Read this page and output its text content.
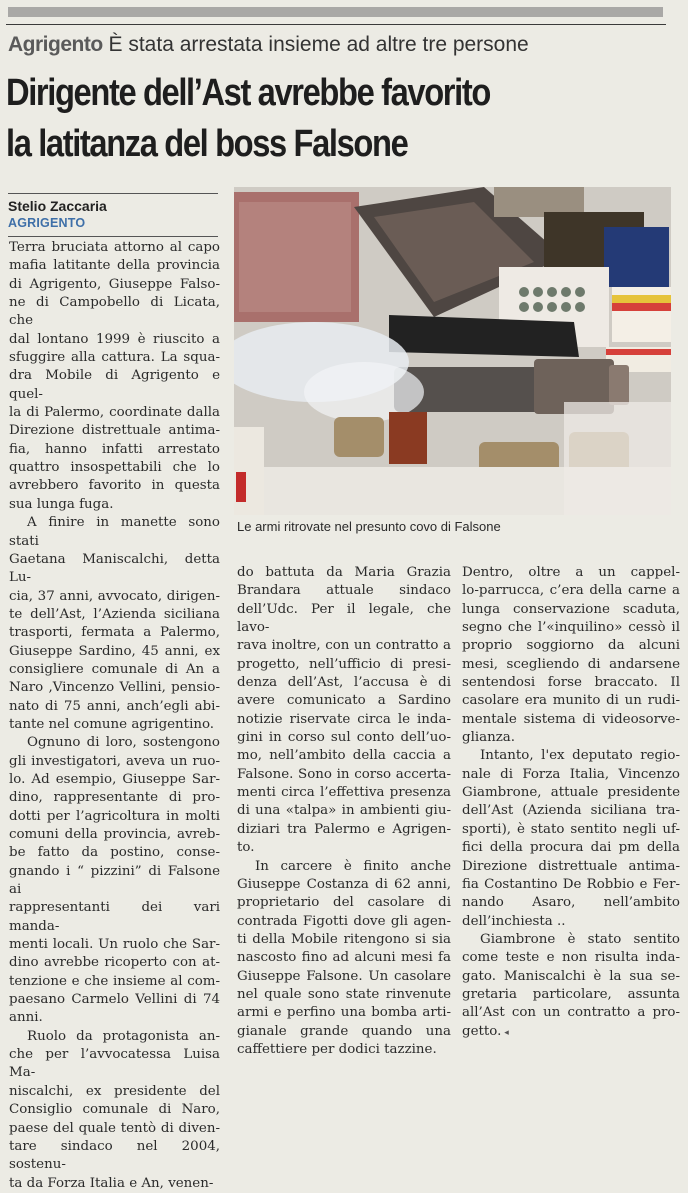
Agrigento È stata arrestata insieme ad altre tre persone
Dirigente dell’Ast avrebbe favorito
la latitanza del boss Falsone
Stelio Zaccaria
AGRIGENTO
Le armi ritrovate nel presunto covo di Falsone

Terra bruciata attorno al capo
mafia latitante della provincia
di Agrigento, Giuseppe Falso-
ne di Campobello di Licata, che
dal lontano 1999 è riuscito a
sfuggire alla cattura. La squa-
dra Mobile di Agrigento e quel-
la di Palermo, coordinate dalla
Direzione distrettuale antima-
fia, hanno infatti arrestato
quattro insospettabili che lo
avrebbero favorito in questa
sua lunga fuga.

A finire in manette sono stati
Gaetana Maniscalchi, detta Lu-
cia, 37 anni, avvocato, dirigen-
te dell’Ast, l’Azienda siciliana
trasporti, fermata a Palermo,
Giuseppe Sardino, 45 anni, ex
consigliere comunale di An a
Naro ,Vincenzo Vellini, pensio-
nato di 75 anni, anch’egli abi-
tante nel comune agrigentino.

Ognuno di loro, sostengono
gli investigatori, aveva un ruo-
lo. Ad esempio, Giuseppe Sar-
dino, rappresentante di pro-
dotti per l’agricoltura in molti
comuni della provincia, avreb-
be fatto da postino, conse-
gnando i “ pizzini” di Falsone ai
rappresentanti dei vari manda-
menti locali. Un ruolo che Sar-
dino avrebbe ricoperto con at-
tenzione e che insieme al com-
paesano Carmelo Vellini di 74
anni.

Ruolo da protagonista an-
che per l’avvocatessa Luisa Ma-
niscalchi, ex presidente del
Consiglio comunale di Naro,
paese del quale tentò di diven-
tare sindaco nel 2004, sostenu-
ta da Forza Italia e An, venen-

do battuta da Maria Grazia
Brandara attuale sindaco
dell’Udc. Per il legale, che lavo-
rava inoltre, con un contratto a
progetto, nell’ufficio di presi-
denza dell’Ast, l’accusa è di
avere comunicato a Sardino
notizie riservate circa le inda-
gini in corso sul conto dell’uo-
mo, nell’ambito della caccia a
Falsone. Sono in corso accerta-
menti circa l’effettiva presenza
di una «talpa» in ambienti giu-
diziari tra Palermo e Agrigen-
to.

In carcere è finito anche
Giuseppe Costanza di 62 anni,
proprietario del casolare di
contrada Figotti dove gli agen-
ti della Mobile ritengono si sia
nascosto fino ad alcuni mesi fa
Giuseppe Falsone. Un casolare
nel quale sono state rinvenute
armi e perfino una bomba arti-
gianale grande quando una
caffettiere per dodici tazzine.

Dentro, oltre a un cappel-
lo-parrucca, c’era della carne a
lunga conservazione scaduta,
segno che l’«inquilino» cessò il
proprio soggiorno da alcuni
mesi, scegliendo di andarsene
sentendosi forse braccato. Il
casolare era munito di un rudi-
mentale sistema di videosorve-
glianza.

Intanto, l'ex deputato regio-
nale di Forza Italia, Vincenzo
Giambrone, attuale presidente
dell’Ast (Azienda siciliana tra-
sporti), è stato sentito negli uf-
fici della procura dai pm della
Direzione distrettuale antima-
fia Costantino De Robbio e Fer-
nando Asaro, nell’ambito
dell’inchiesta ..

Giambrone è stato sentito
come teste e non risulta inda-
gato. Maniscalchi è la sua se-
gretaria particolare, assunta
all’Ast con un contratto a pro-
getto. ◂
